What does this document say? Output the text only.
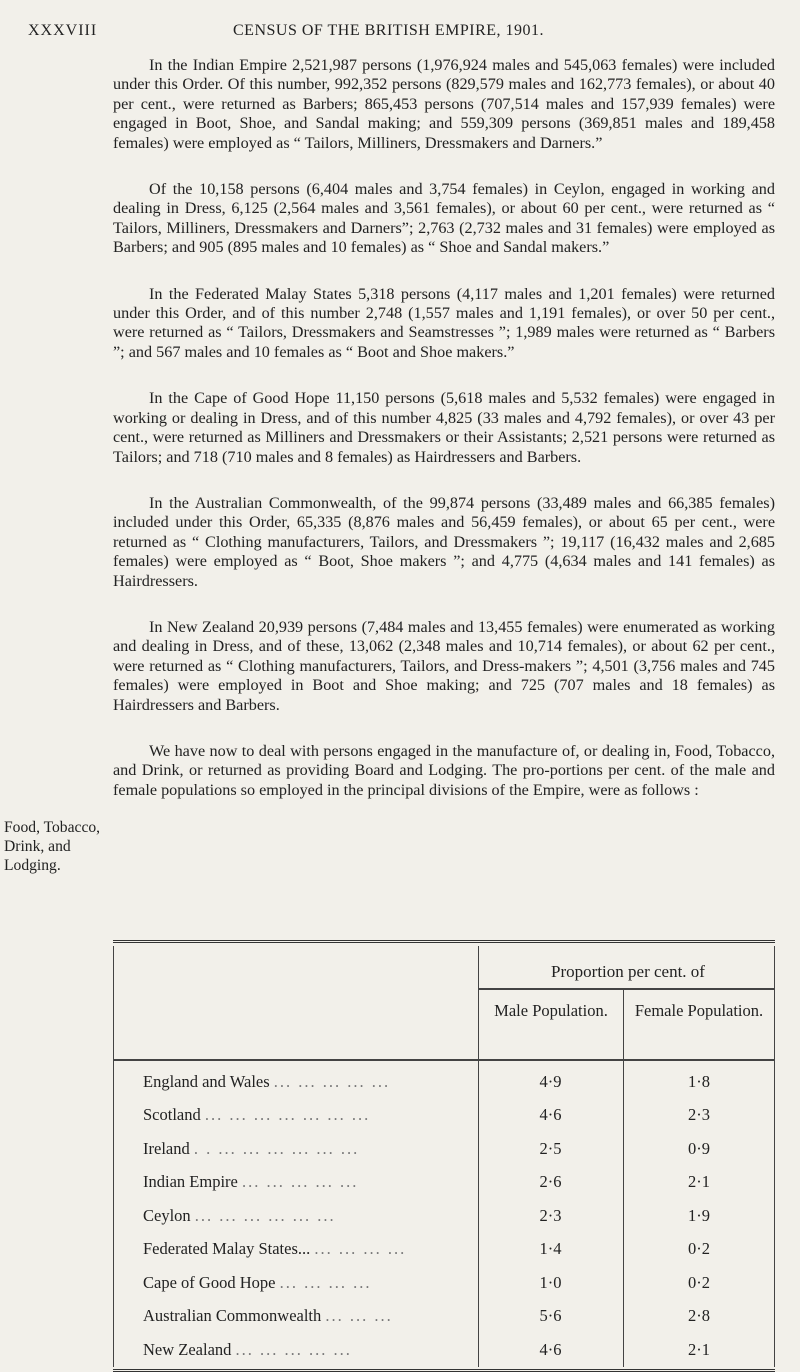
XXXVIII	CENSUS OF THE BRITISH EMPIRE, 1901.

In the Indian Empire 2,521,987 persons (1,976,924 males and 545,063 females) were included under this Order. Of this number, 992,352 persons (829,579 males and 162,773 females), or about 40 per cent., were returned as Barbers; 865,453 persons (707,514 males and 157,939 females) were engaged in Boot, Shoe, and Sandal making; and 559,309 persons (369,851 males and 189,458 females) were employed as “ Tailors, Milliners, Dressmakers and Darners.”

Of the 10,158 persons (6,404 males and 3,754 females) in Ceylon, engaged in working and dealing in Dress, 6,125 (2,564 males and 3,561 females), or about 60 per cent., were returned as “ Tailors, Milliners, Dressmakers and Darners”; 2,763 (2,732 males and 31 females) were employed as Barbers; and 905 (895 males and 10 females) as “ Shoe and Sandal makers.”

In the Federated Malay States 5,318 persons (4,117 males and 1,201 females) were returned under this Order, and of this number 2,748 (1,557 males and 1,191 females), or over 50 per cent., were returned as “ Tailors, Dressmakers and Seamstresses ”; 1,989 males were returned as “ Barbers ”; and 567 males and 10 females as “ Boot and Shoe makers.”

In the Cape of Good Hope 11,150 persons (5,618 males and 5,532 females) were engaged in working or dealing in Dress, and of this number 4,825 (33 males and 4,792 females), or over 43 per cent., were returned as Milliners and Dressmakers or their Assistants; 2,521 persons were returned as Tailors; and 718 (710 males and 8 females) as Hairdressers and Barbers.

In the Australian Commonwealth, of the 99,874 persons (33,489 males and 66,385 females) included under this Order, 65,335 (8,876 males and 56,459 females), or about 65 per cent., were returned as “ Clothing manufacturers, Tailors, and Dressmakers ”; 19,117 (16,432 males and 2,685 females) were employed as “ Boot, Shoe makers ”; and 4,775 (4,634 males and 141 females) as Hairdressers.

In New Zealand 20,939 persons (7,484 males and 13,455 females) were enumerated as working and dealing in Dress, and of these, 13,062 (2,348 males and 10,714 females), or about 62 per cent., were returned as “ Clothing manufacturers, Tailors, and Dress-makers ”; 4,501 (3,756 males and 745 females) were employed in Boot and Shoe making; and 725 (707 males and 18 females) as Hairdressers and Barbers.

We have now to deal with persons engaged in the manufacture of, or dealing in, Food, Tobacco, and Drink, or returned as providing Board and Lodging. The pro-portions per cent. of the male and female populations so employed in the principal divisions of the Empire, were as follows :

Food, Tobacco, Drink, and Lodging.
Proportion per cent. of
Male Population.	Female Population.
England and Wales ... ... ... ... ...	4·9	1·8
Scotland ... ... ... ... ... ... ...	4·6	2·3
Ireland . . ... ... ... ... ... ...	2·5	0·9
Indian Empire ... ... ... ... ...	2·6	2·1
Ceylon ... ... ... ... ... ...	2·3	1·9
Federated Malay States... ... ... ... ...	1·4	0·2
Cape of Good Hope ... ... ... ...	1·0	0·2
Australian Commonwealth ... ... ...	5·6	2·8
New Zealand ... ... ... ... ...	4·6	2·1
